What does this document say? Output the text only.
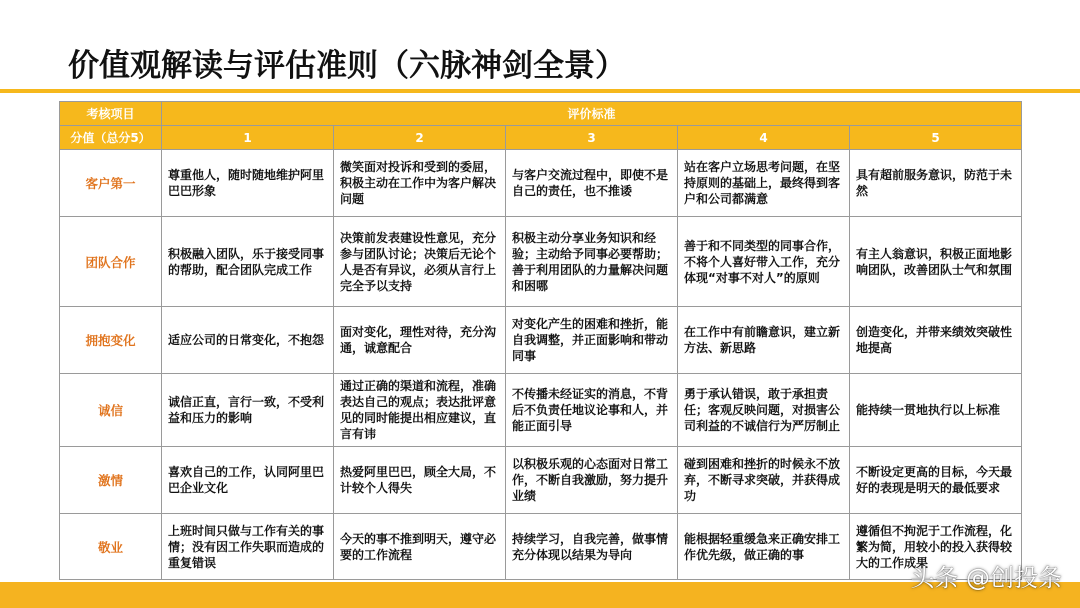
价值观解读与评估准则（六脉神剑全景）
考核项目	评价标准				
分值（总分5）	1	2	3	4	5
客户第一	尊重他人，随时随地维护阿里巴巴形象	微笑面对投诉和受到的委屈，积极主动在工作中为客户解决问题	与客户交流过程中，即使不是自己的责任，也不推诿	站在客户立场思考问题，在坚持原则的基础上，最终得到客户和公司都满意	具有超前服务意识，防范于未然
团队合作	积极融入团队，乐于接受同事的帮助，配合团队完成工作	决策前发表建设性意见，充分参与团队讨论；决策后无论个人是否有异议，必须从言行上完全予以支持	积极主动分享业务知识和经验；主动给予同事必要帮助；善于利用团队的力量解决问题和困哪	善于和不同类型的同事合作，不将个人喜好带入工作，充分体现“对事不对人”的原则	有主人翁意识，积极正面地影响团队，改善团队士气和氛围
拥抱变化	适应公司的日常变化，不抱怨	面对变化，理性对待，充分沟通，诚意配合	对变化产生的困难和挫折，能自我调整，并正面影响和带动同事	在工作中有前瞻意识，建立新方法、新思路	创造变化，并带来绩效突破性地提高
诚信	诚信正直，言行一致，不受利益和压力的影响	通过正确的渠道和流程，准确表达自己的观点；表达批评意见的同时能提出相应建议，直言有讳	不传播未经证实的消息，不背后不负责任地议论事和人，并能正面引导	勇于承认错误，敢于承担责任；客观反映问题，对损害公司利益的不诚信行为严厉制止	能持续一贯地执行以上标准
激情	喜欢自己的工作，认同阿里巴巴企业文化	热爱阿里巴巴，顾全大局，不计较个人得失	以积极乐观的心态面对日常工作，不断自我激励，努力提升业绩	碰到困难和挫折的时候永不放弃，不断寻求突破，并获得成功	不断设定更高的目标，今天最好的表现是明天的最低要求
敬业	上班时间只做与工作有关的事情；没有因工作失职而造成的重复错误	今天的事不推到明天，遵守必要的工作流程	持续学习，自我完善，做事情充分体现以结果为导向	能根据轻重缓急来正确安排工作优先级，做正确的事	遵循但不拘泥于工作流程，化繁为简，用较小的投入获得较大的工作成果
头条 @创投条
